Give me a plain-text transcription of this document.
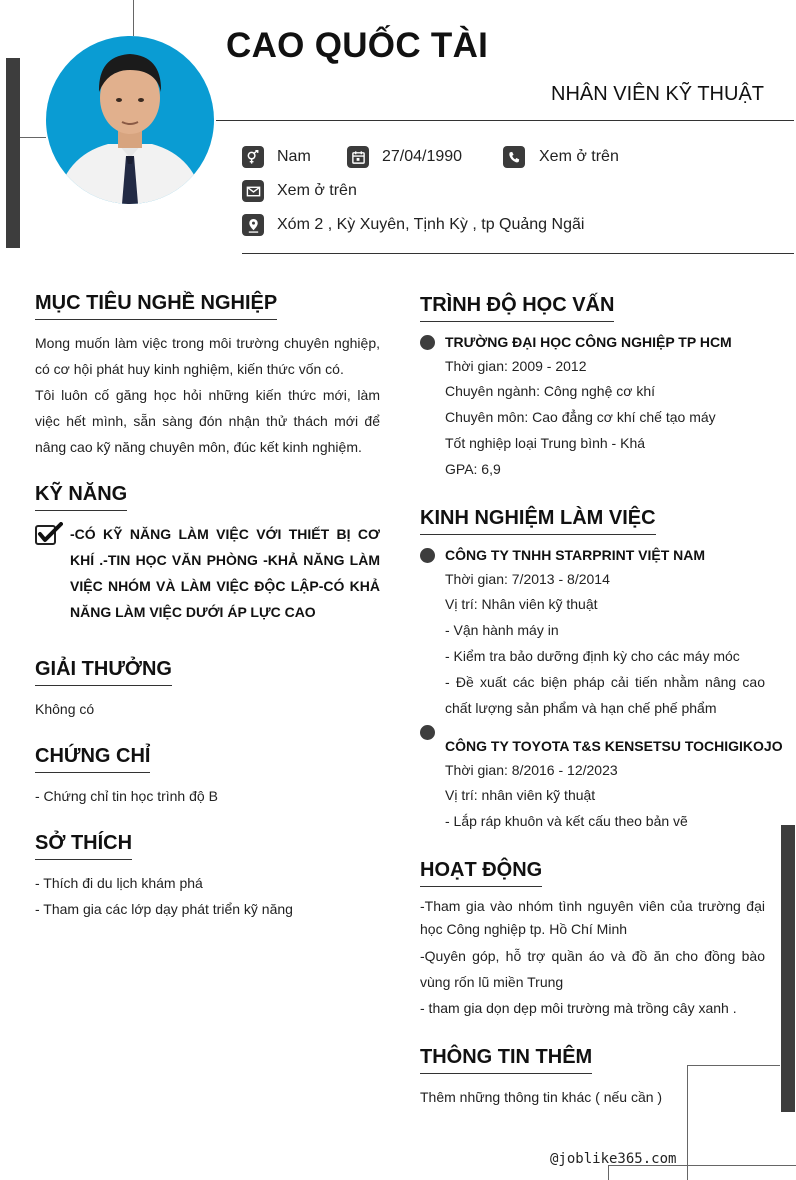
CAO QUỐC TÀI
NHÂN VIÊN KỸ THUẬT
Nam	27/04/1990	Xem ở trên
Xem ở trên
Xóm 2 , Kỳ Xuyên, Tịnh Kỳ , tp Quảng Ngãi
MỤC TIÊU NGHỀ NGHIỆP
Mong muốn làm việc trong môi trường chuyên nghiệp, có cơ hội phát huy kinh nghiệm, kiến thức vốn có.
Tôi luôn cố găng học hỏi những kiến thức mới, làm việc hết mình, sẵn sàng đón nhận thử thách mới để nâng cao kỹ năng chuyên môn, đúc kết kinh nghiệm.
KỸ NĂNG
-CÓ KỸ NĂNG LÀM VIỆC VỚI THIẾT BỊ CƠ KHÍ .-TIN HỌC VĂN PHÒNG -KHẢ NĂNG LÀM VIỆC NHÓM VÀ LÀM VIỆC ĐỘC LẬP-CÓ KHẢ NĂNG LÀM VIỆC DƯỚI ÁP LỰC CAO
GIẢI THƯỞNG
Không có
CHỨNG CHỈ
- Chứng chỉ tin học trình độ B
SỞ THÍCH
- Thích đi du lịch khám phá
- Tham gia các lớp dạy phát triển kỹ năng
TRÌNH ĐỘ HỌC VẤN
TRƯỜNG ĐẠI HỌC CÔNG NGHIỆP TP HCM
Thời gian: 2009 - 2012
Chuyên ngành: Công nghệ cơ khí
Chuyên môn: Cao đẳng cơ khí chế tạo máy
Tốt nghiệp loại Trung bình - Khá
GPA: 6,9
KINH NGHIỆM LÀM VIỆC
CÔNG TY TNHH STARPRINT VIỆT NAM
Thời gian: 7/2013 - 8/2014
Vị trí: Nhân viên kỹ thuật
- Vận hành máy in
- Kiểm tra bảo dưỡng định kỳ cho các máy móc
- Đề xuất các biện pháp cải tiến nhằm nâng cao chất lượng sản phẩm và hạn chế phế phẩm
CÔNG TY TOYOTA T&S KENSETSU TOCHIGIKOJO
Thời gian: 8/2016 - 12/2023
Vị trí: nhân viên kỹ thuật
- Lắp ráp khuôn và kết cấu theo bản vẽ
HOẠT ĐỘNG
-Tham gia vào nhóm tình nguyên viên của trường đại học Công nghiệp tp. Hồ Chí Minh
-Quyên góp, hỗ trợ quần áo và đồ ăn cho đồng bào vùng rốn lũ miền Trung
- tham gia dọn dẹp môi trường mà trồng cây xanh .
THÔNG TIN THÊM
Thêm những thông tin khác ( nếu cần )
@joblike365.com
